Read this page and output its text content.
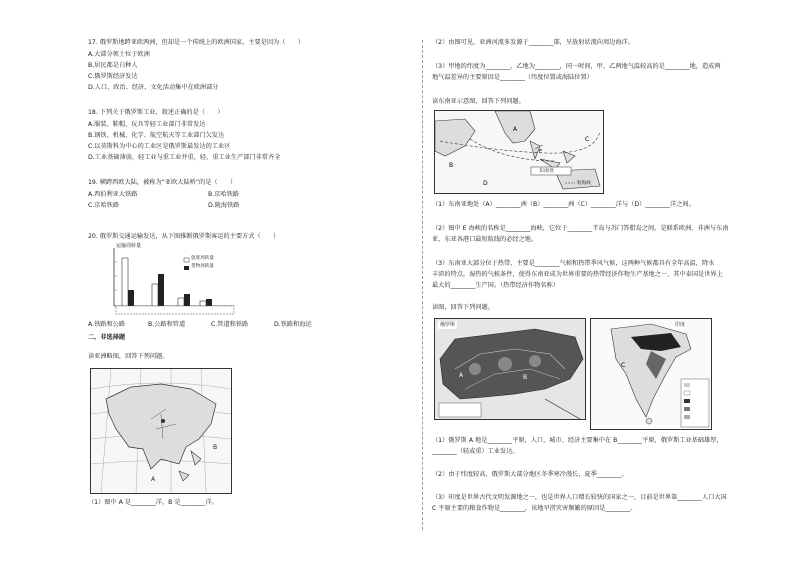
17. 俄罗斯地跨亚欧两洲，但却是一个传统上的欧洲国家，主要是因为（　　）
A.大部分领土位于欧洲
B.居民都是白种人
C.俄罗斯经济发达
D.人口、政治、经济、文化活动集中在欧洲部分
18. 下列关于俄罗斯工业，叙述正确的是（　　）
A.服装、鞋帽、玩具等轻工业部门非常发达
B.钢铁、机械、化学、航空航天等工业部门欠发达
C.以莫斯科为中心的工业区是俄罗斯最发达的工业区
D.工业基础薄弱，轻工业与重工业并重，轻、重工业生产部门非常齐全
19. 横跨西欧大陆，被称为“亚欧大陆桥”的是（　　）
A.西伯利亚大铁路	B.京哈铁路
C.京哈铁路	D.陇海铁路
20. 俄罗斯交通运输发达，从下图推断俄罗斯客运的主要方式（　　）
运输周转量
旅客周转量
货物周转量
A.铁路和公路	B.公路和管道	C.管道和铁路	D.铁路和海运
二、非选择题
读亚洲略图，回答下列问题。
B
A
（1）图中 A 是________洋，B 是________洋。
（2）由图可见，亚洲河流多发源于________部，呈放射状流向周边海洋。
（3）甲地的纬度为________，乙地为________，同一时间，甲、乙两地气温较高的是________地，造成两
地气温差异的主要原因是________（纬度位置或海陆位置）
读东南亚示意图，回答下列问题。
A
B
C
D
E
东南亚
航海线
（1）东南亚地处（A）________洲（B）________洲（C）________洋与（D）________洋之间。
（2）图中 E 海峡的名称是________海峡，它位于________半岛与苏门答腊岛之间，是联系欧洲、非洲与东南
亚、东亚各港口最短航线的必经之地。
（3）东南亚大部分位于热带，主要是________气候和热带季风气候，这两种气候都具有全年高温，降水
丰沛的特点。湿热的气候条件，使得东南亚成为世界重要的热带经济作物生产基地之一，其中泰国是世界上
最大的________生产国。（热带经济作物名称）
读图，回答下列问题。
A	B
俄罗斯
C
印度
（1）俄罗斯 A 地是________平原，人口、城市、经济主要集中在 B________平原，俄罗斯工业基础雄厚，
________（轻或重）工业发达。
（2）由于纬度较高，俄罗斯大部分地区冬季寒冷漫长，夏季________。
（3）印度是世界古代文明发源地之一，也是世界人口增长较快的国家之一，目前是世界第________人口大国
C 平原主要的粮食作物是________，该地旱涝灾害频繁的原因是________。
